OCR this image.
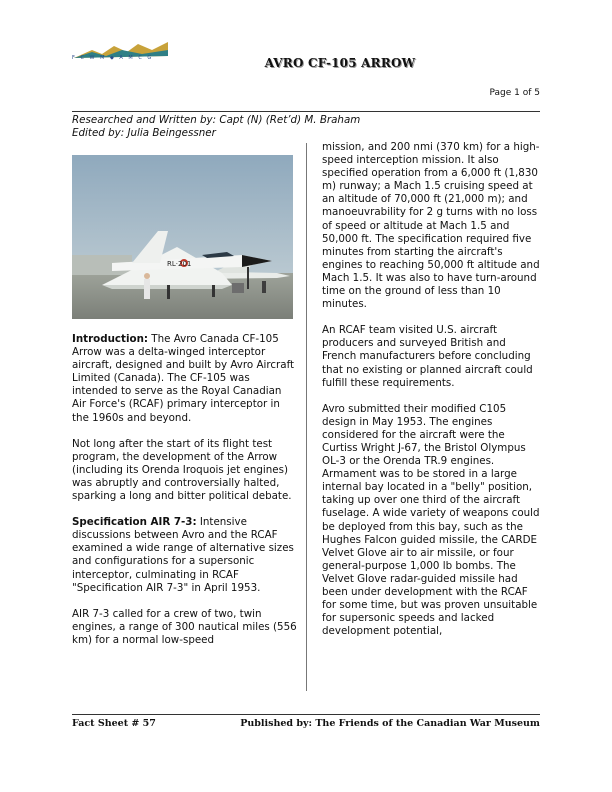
F C W M ◆ A M C G	AVRO CF-105 ARROW
Page 1 of 5
Researched and Written by: Capt (N) (Ret’d) M. Braham
Edited by: Julia Beingessner
RL·201

Introduction: The Avro Canada CF-105 Arrow was a delta-winged interceptor aircraft, designed and built by Avro Aircraft Limited (Canada). The CF-105 was intended to serve as the Royal Canadian Air Force's (RCAF) primary interceptor in the 1960s and beyond.

Not long after the start of its flight test program, the development of the Arrow (including its Orenda Iroquois jet engines) was abruptly and controversially halted, sparking a long and bitter political debate.

Specification AIR 7-3: Intensive discussions between Avro and the RCAF examined a wide range of alternative sizes and configurations for a supersonic interceptor, culminating in RCAF "Specification AIR 7-3" in April 1953.

AIR 7-3 called for a crew of two, twin engines, a range of 300 nautical miles (556 km) for a normal low-speed

mission, and 200 nmi (370 km) for a high-speed interception mission. It also specified operation from a 6,000 ft (1,830 m) runway; a Mach 1.5 cruising speed at an altitude of 70,000 ft (21,000 m); and manoeuvrability for 2 g turns with no loss of speed or altitude at Mach 1.5 and 50,000 ft. The specification required five minutes from starting the aircraft's engines to reaching 50,000 ft altitude and Mach 1.5. It was also to have turn-around time on the ground of less than 10 minutes.

An RCAF team visited U.S. aircraft producers and surveyed British and French manufacturers before concluding that no existing or planned aircraft could fulfill these requirements.

Avro submitted their modified C105 design in May 1953. The engines considered for the aircraft were the Curtiss Wright J-67, the Bristol Olympus OL-3 or the Orenda TR.9 engines. Armament was to be stored in a large internal bay located in a "belly" position, taking up over one third of the aircraft fuselage. A wide variety of weapons could be deployed from this bay, such as the Hughes Falcon guided missile, the CARDE Velvet Glove air to air missile, or four general-purpose 1,000 lb bombs. The Velvet Glove radar-guided missile had been under development with the RCAF for some time, but was proven unsuitable for supersonic speeds and lacked development potential,

Fact Sheet # 57	Published by: The Friends of the Canadian War Museum
